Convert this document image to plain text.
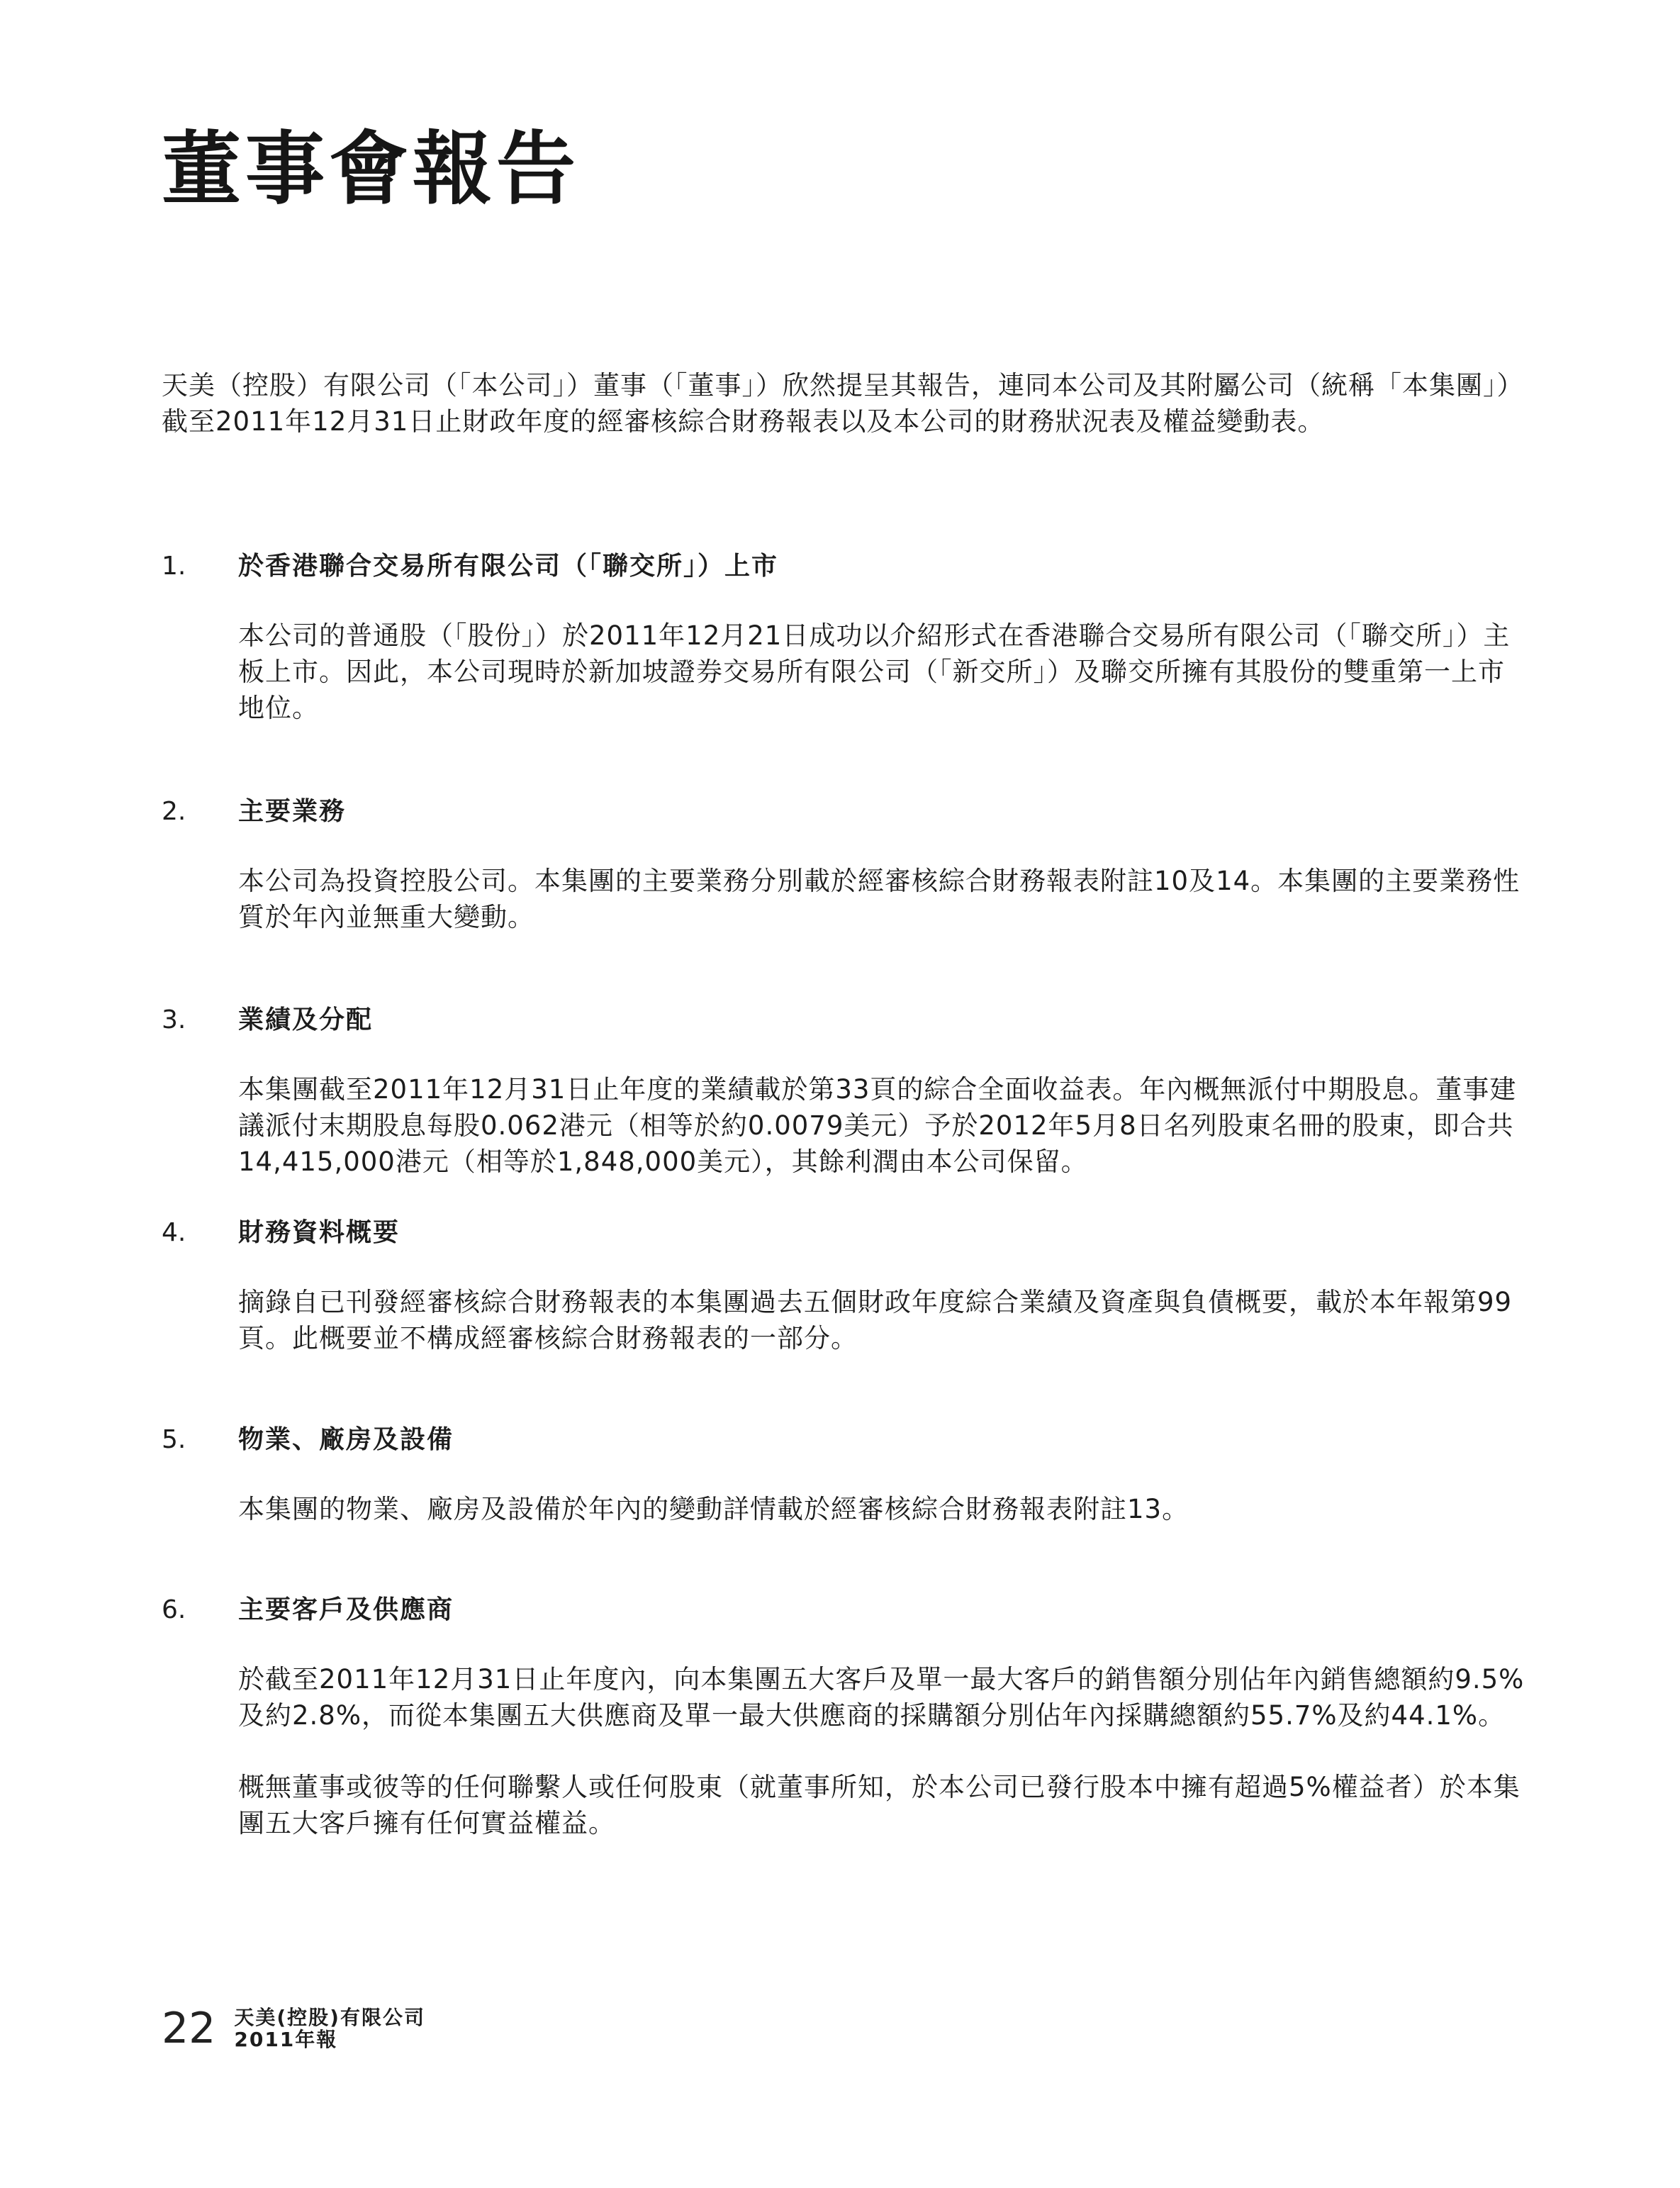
董事會報告

天美（控股）有限公司（「本公司」）董事（「董事」）欣然提呈其報告，連同本公司及其附屬公司（統稱「本集團」）截至2011年12月31日止財政年度的經審核綜合財務報表以及本公司的財務狀況表及權益變動表。

1.	於香港聯合交易所有限公司（「聯交所」）上市

本公司的普通股（「股份」）於2011年12月21日成功以介紹形式在香港聯合交易所有限公司（「聯交所」）主板上市。因此，本公司現時於新加坡證券交易所有限公司（「新交所」）及聯交所擁有其股份的雙重第一上市地位。

2.	主要業務

本公司為投資控股公司。本集團的主要業務分別載於經審核綜合財務報表附註10及14。本集團的主要業務性質於年內並無重大變動。

3.	業績及分配

本集團截至2011年12月31日止年度的業績載於第33頁的綜合全面收益表。年內概無派付中期股息。董事建議派付末期股息每股0.062港元（相等於約0.0079美元）予於2012年5月8日名列股東名冊的股東，即合共14,415,000港元（相等於1,848,000美元），其餘利潤由本公司保留。

4.	財務資料概要

摘錄自已刊發經審核綜合財務報表的本集團過去五個財政年度綜合業績及資產與負債概要，載於本年報第99頁。此概要並不構成經審核綜合財務報表的一部分。

5.	物業、廠房及設備

本集團的物業、廠房及設備於年內的變動詳情載於經審核綜合財務報表附註13。

6.	主要客戶及供應商

於截至2011年12月31日止年度內，向本集團五大客戶及單一最大客戶的銷售額分別佔年內銷售總額約9.5%及約2.8%，而從本集團五大供應商及單一最大供應商的採購額分別佔年內採購總額約55.7%及約44.1%。

概無董事或彼等的任何聯繫人或任何股東（就董事所知，於本公司已發行股本中擁有超過5%權益者）於本集團五大客戶擁有任何實益權益。

22 天美(控股)有限公司
2011年報
